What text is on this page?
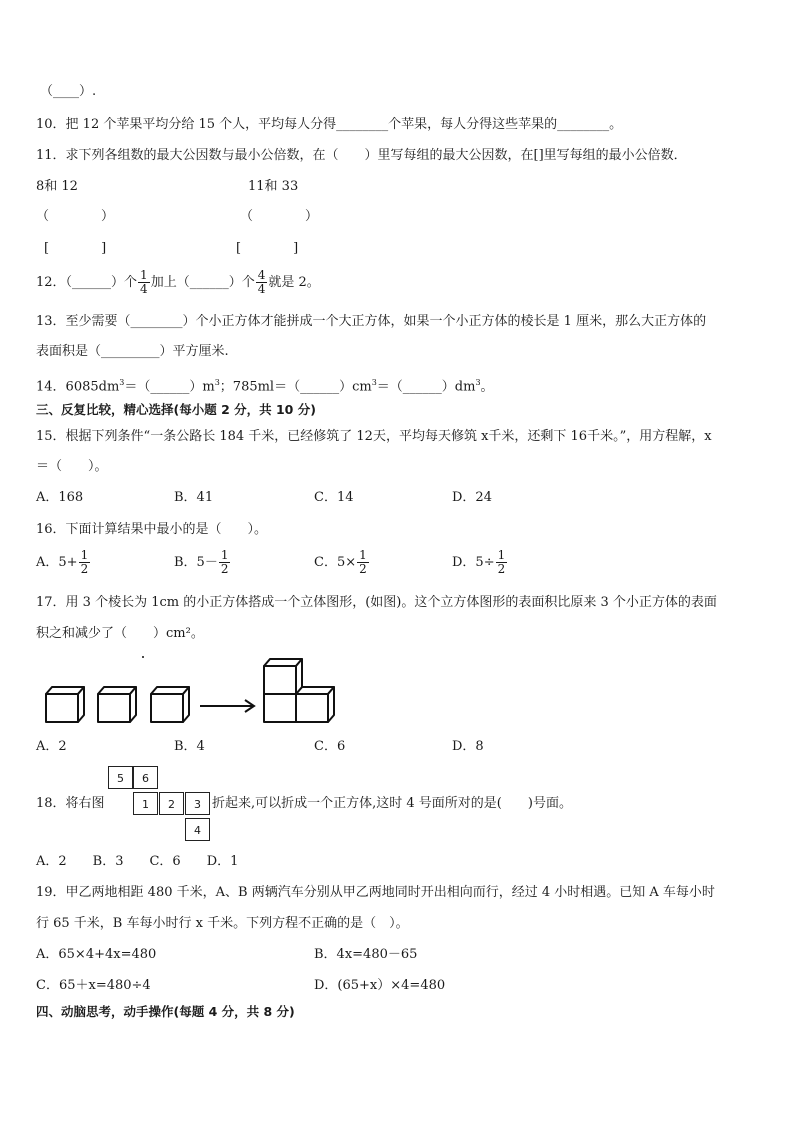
（____）.
10．把 12 个苹果平均分给 15 个人，平均每人分得________个苹果，每人分得这些苹果的________。
11．求下列各组数的最大公因数与最小公倍数，在（　　）里写每组的最大公因数，在[]里写每组的最小公倍数．
8和 12	11和 33
（　　　　）	（　　　　）
[　　　　]	[　　　　]
12．（______）个 $\frac{1}{4}$ 加上（______）个 $\frac{4}{4}$ 就是 2。
13．至少需要（________）个小正方体才能拼成一个大正方体，如果一个小正方体的棱长是 1 厘米，那么大正方体的
表面积是（_________）平方厘米.
14．$6085dm^3=(\_\_\_\_\_\_)m^3$；$785ml=(\_\_\_\_\_\_)cm^3=(\_\_\_\_\_\_)dm^3$。
三、反复比较，精心选择(每小题 2 分，共 10 分)
15．根据下列条件“一条公路长 184 千米，已经修筑了 12天，平均每天修筑 x千米，还剩下 16千米。”，用方程解，x
＝（　　）。
A．168	B．41	C．14	D．24
16．下面计算结果中最小的是（　　）。
A．$5+ \frac{1}{2}$	B．$5- \frac{1}{2}$	C．$5\times \frac{1}{2}$	D．$5\div \frac{1}{2}$
17．用 3 个棱长为 1cm 的小正方体搭成一个立体图形，(如图)。这个立方体图形的表面积比原来 3 个小正方体的表面
积之和减少了（　　）cm²。
A．2	B．4	C．6	D．8
18．将右图
5	6
1	2	3
4
折起来,可以折成一个正方体,这时 4 号面所对的是(　　)号面。
A．2　　B．3　　C．6　　D．1
19．甲乙两地相距 480 千米，A、B 两辆汽车分别从甲乙两地同时开出相向而行，经过 4 小时相遇。已知 A 车每小时
行 65 千米，B 车每小时行 x 千米。下列方程不正确的是（　）。
A．65×4+4x=480	B．4x=480－65
C．65＋x=480÷4	D．(65+x）×4=480
四、动脑思考，动手操作(每题 4 分，共 8 分)
